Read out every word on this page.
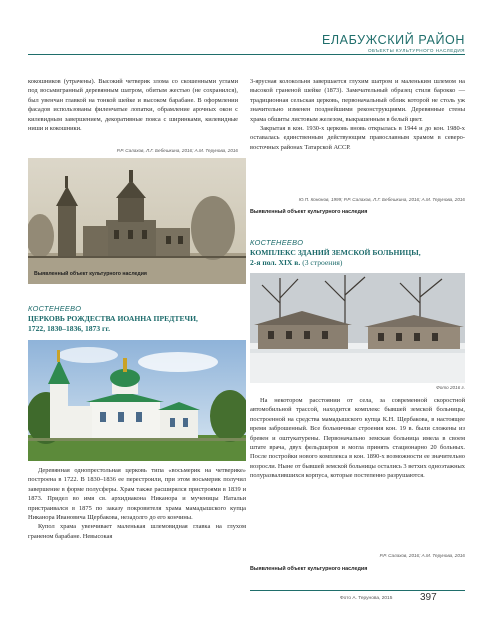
ЕЛАБУЖСКИЙ РАЙОН
ОБЪЕКТЫ КУЛЬТУРНОГО НАСЛЕДИЯ

кокошников (утрачены). Высокий четверик злома со скошенными углами под восьмигранный деревянным шатром, обитым жестью (не сохранился), был увенчан главкой на тонкой шейке и высоком барабане. В оформлении фасадов использованы филенчатые лопатки, обрамление арочных окон с килевидным завершением, декоративные пояса с ширинками, килевидные ниши и кокошники.

Р.Р. Салахов, Л.Г. Бебешкина, 2016; А.М. Терунова, 2016

3-ярусная колокольня завершается глухим шатром и маленьким шлемом на высокой граненой шейке (1873). Замечательный образец стиля барокко — традиционная сельская церковь, первоначальный облик которой не столь уж значительно изменен позднейшими реконструкциями. Деревянные стены храма обшиты листовым железом, выкрашенным в белый цвет.

Закрытая в кон. 1930-х церковь вновь открылась в 1944 и до кон. 1980-х оставалась единственным действующим православным храмом в северо-восточных районах Татарской АССР.

Ю.П. Кононов, 1999; Р.Р. Салахов, Л.Г. Бебешкина, 2016; А.М. Терунова, 2016
Выявленный объект культурного наследия
Выявленный объект культурного наследия
КОСТЕНЕЕВО
КОМПЛЕКС ЗДАНИЙ ЗЕМСКОЙ БОЛЬНИЦЫ,
2-я пол. XIX в. (3 строения)
Фото 2016 г.
КОСТЕНЕЕВО
ЦЕРКОВЬ РОЖДЕСТВА ИОАННА ПРЕДТЕЧИ,
1722, 1830–1836, 1873 гг.

Деревянная однопрестольная церковь типа «восьмерик на четверике» построена в 1722. В 1830–1836 ее перестроили, при этом восьмерик получил завершение в форме полусферы. Храм также расширялся пристроями в 1839 и 1873. Придел во имя св. архидиакона Никанора и мученицы Натальи пристраивался в 1875 по заказу покровителя храма мамадышского купца Никанора Ивановича Щербакова, незадолго до его кончины.

Купол храма увенчивает маленькая шлемовидная главка на глухом граненом барабане. Невысокая

На некотором расстоянии от села, за современной скоростной автомобильной трассой, находится комплекс бывшей земской больницы, построенной на средства мамадышского купца К.Н. Щербакова, в настоящее время заброшенный. Все больничные строения кон. 19 в. были сложены из бревен и оштукатурены. Первоначально земская больница имела в своем штате врача, двух фельдшеров и могла принять стационарно 20 больных. После постройки нового комплекса в кон. 1890-х возможности ее значительно возросли. Ныне от бывшей земской больницы остались 3 ветхих одноэтажных полуразвалившихся корпуса, которые постепенно разрушаются.

Р.Р. Салахов, 2016; А.М. Терунова, 2016
Выявленный объект культурного наследия
Фото А. Терунова, 2015	397
